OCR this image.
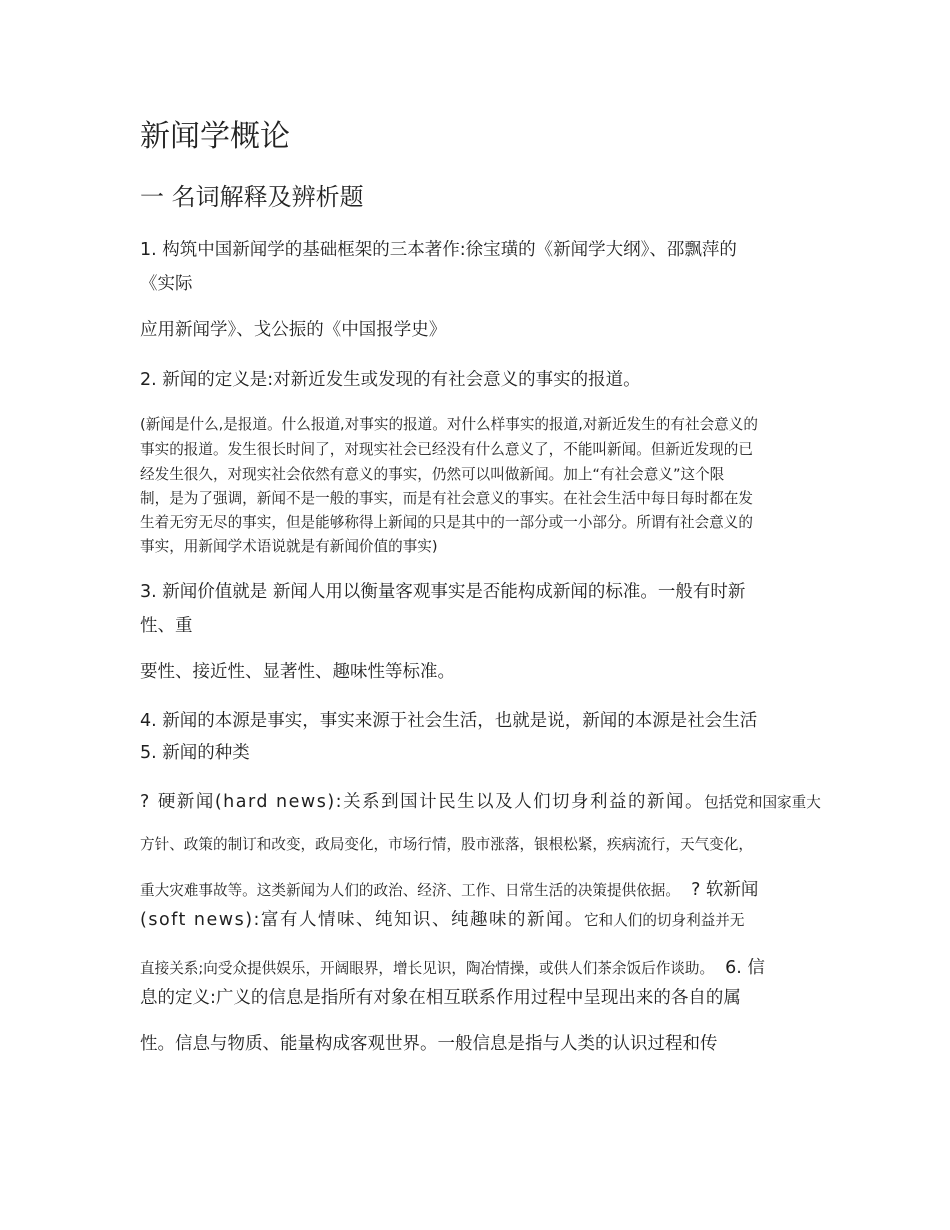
新闻学概论
一 名词解释及辨析题
1. 构筑中国新闻学的基础框架的三本著作:徐宝璜的《新闻学大纲》、邵飘萍的
《实际
应用新闻学》、戈公振的《中国报学史》
2. 新闻的定义是:对新近发生或发现的有社会意义的事实的报道。
(新闻是什么,是报道。什么报道,对事实的报道。对什么样事实的报道,对新近发生的有社会意义的
事实的报道。发生很长时间了，对现实社会已经没有什么意义了，不能叫新闻。但新近发现的已
经发生很久，对现实社会依然有意义的事实，仍然可以叫做新闻。加上“有社会意义”这个限
制，是为了强调，新闻不是一般的事实，而是有社会意义的事实。在社会生活中每日每时都在发
生着无穷无尽的事实，但是能够称得上新闻的只是其中的一部分或一小部分。所谓有社会意义的
事实，用新闻学术语说就是有新闻价值的事实)
3. 新闻价值就是 新闻人用以衡量客观事实是否能构成新闻的标准。一般有时新
性、重
要性、接近性、显著性、趣味性等标准。
4. 新闻的本源是事实，事实来源于社会生活，也就是说，新闻的本源是社会生活
5. 新闻的种类
? 硬新闻(hard news):关系到国计民生以及人们切身利益的新闻。包括党和国家重大
方针、政策的制订和改变，政局变化，市场行情，股市涨落，银根松紧，疾病流行，天气变化，
重大灾难事故等。这类新闻为人们的政治、经济、工作、日常生活的决策提供依据。 ? 软新闻
(soft news):富有人情味、纯知识、纯趣味的新闻。它和人们的切身利益并无
直接关系;向受众提供娱乐，开阔眼界，增长见识，陶冶情操，或供人们茶余饭后作谈助。 6. 信
息的定义:广义的信息是指所有对象在相互联系作用过程中呈现出来的各自的属
性。信息与物质、能量构成客观世界。一般信息是指与人类的认识过程和传
